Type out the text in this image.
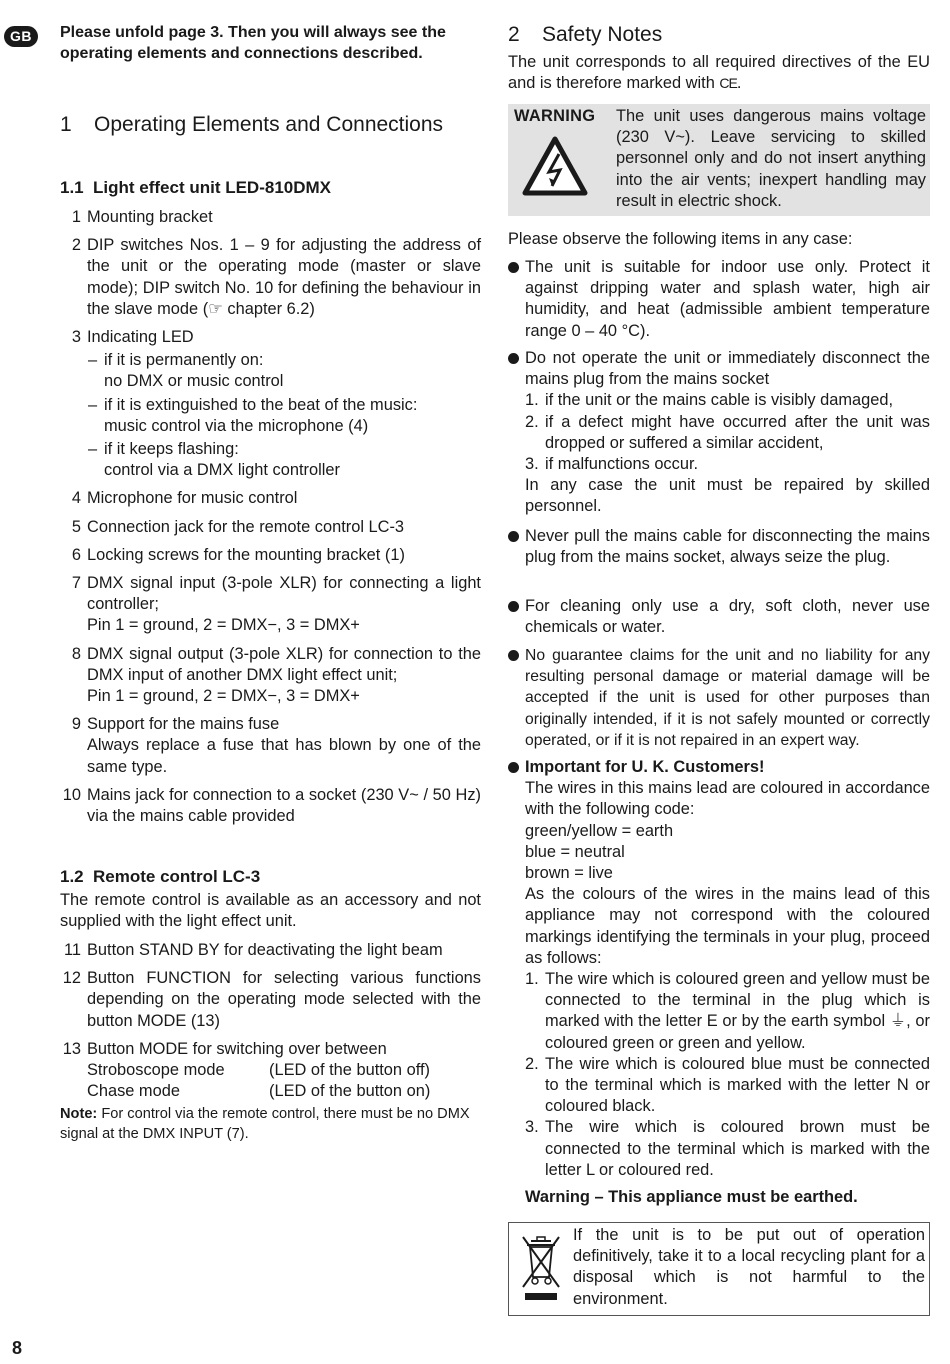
GB	Please unfold page 3. Then you will always see the operating elements and connections described.
1 Operating Elements and Connections
1.1 Light effect unit LED-810DMX
1 Mounting bracket
2 DIP switches Nos. 1 – 9 for adjusting the address of the unit or the operating mode (master or slave mode); DIP switch No. 10 for defining the behaviour in the slave mode (☞ chapter 6.2)
3 Indicating LED
– if it is permanently on:
no DMX or music control
– if it is extinguished to the beat of the music:
music control via the microphone (4)
– if it keeps flashing:
control via a DMX light controller
4 Microphone for music control
5 Connection jack for the remote control LC-3
6 Locking screws for the mounting bracket (1)
7 DMX signal input (3-pole XLR) for connecting a light controller;
Pin 1 = ground, 2 = DMX−, 3 = DMX+
8 DMX signal output (3-pole XLR) for connection to the DMX input of another DMX light effect unit;
Pin 1 = ground, 2 = DMX−, 3 = DMX+
9 Support for the mains fuse
Always replace a fuse that has blown by one of the same type.
10 Mains jack for connection to a socket (230 V~ / 50 Hz) via the mains cable provided
1.2 Remote control LC-3
The remote control is available as an accessory and not supplied with the light effect unit.
11 Button STAND BY for deactivating the light beam
12 Button FUNCTION for selecting various functions depending on the operating mode selected with the button MODE (13)
13 Button MODE for switching over between
Stroboscope mode	(LED of the button off)
Chase mode	(LED of the button on)
Note: For control via the remote control, there must be no DMX signal at the DMX INPUT (7).
2 Safety Notes
The unit corresponds to all required directives of the EU and is therefore marked with CE.
WARNING The unit uses dangerous mains voltage (230 V~). Leave servicing to skilled personnel only and do not insert anything into the air vents; inexpert handling may result in electric shock.
Please observe the following items in any case:
The unit is suitable for indoor use only. Protect it against dripping water and splash water, high air humidity, and heat (admissible ambient temperature range 0 – 40 °C).
Do not operate the unit or immediately disconnect the mains plug from the mains socket
1. if the unit or the mains cable is visibly damaged,
2. if a defect might have occurred after the unit was dropped or suffered a similar accident,
3. if malfunctions occur.
In any case the unit must be repaired by skilled personnel.
Never pull the mains cable for disconnecting the mains plug from the mains socket, always seize the plug.
For cleaning only use a dry, soft cloth, never use chemicals or water.
No guarantee claims for the unit and no liability for any resulting personal damage or material damage will be accepted if the unit is used for other purposes than originally intended, if it is not safely mounted or correctly operated, or if it is not repaired in an expert way.
Important for U. K. Customers!
The wires in this mains lead are coloured in accordance with the following code:
green/yellow = earth
blue = neutral
brown = live
As the colours of the wires in the mains lead of this appliance may not correspond with the coloured markings identifying the terminals in your plug, proceed as follows:
1. The wire which is coloured green and yellow must be connected to the terminal in the plug which is marked with the letter E or by the earth symbol ⏚, or coloured green or green and yellow.
2. The wire which is coloured blue must be connected to the terminal which is marked with the letter N or coloured black.
3. The wire which is coloured brown must be connected to the terminal which is marked with the letter L or coloured red.
Warning – This appliance must be earthed.
If the unit is to be put out of operation definitively, take it to a local recycling plant for a disposal which is not harmful to the environment.
8
